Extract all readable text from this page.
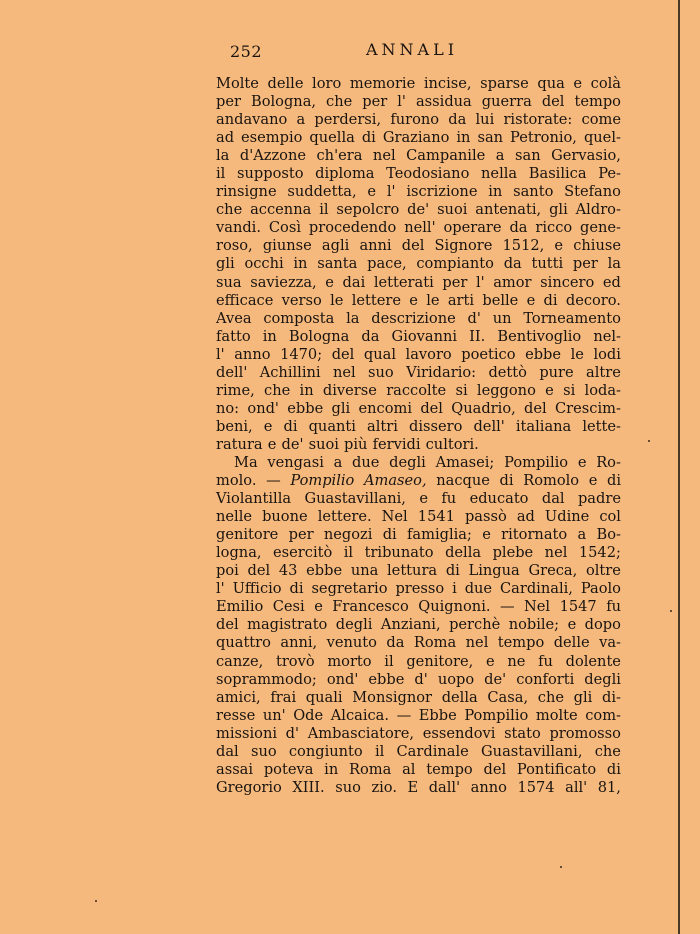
252	ANNALI
Molte delle loro memorie incise, sparse qua e colà
per Bologna, che per l' assidua guerra del tempo
andavano a perdersi, furono da lui ristorate: come
ad esempio quella di Graziano in san Petronio, quel-
la d'Azzone ch'era nel Campanile a san Gervasio,
il supposto diploma Teodosiano nella Basilica Pe-
rinsigne suddetta, e l' iscrizione in santo Stefano
che accenna il sepolcro de' suoi antenati, gli Aldro-
vandi. Così procedendo nell' operare da ricco gene-
roso, giunse agli anni del Signore 1512, e chiuse
gli occhi in santa pace, compianto da tutti per la
sua saviezza, e dai letterati per l' amor sincero ed
efficace verso le lettere e le arti belle e di decoro.
Avea composta la descrizione d' un Torneamento
fatto in Bologna da Giovanni II. Bentivoglio nel-
l' anno 1470; del qual lavoro poetico ebbe le lodi
dell' Achillini nel suo Viridario: dettò pure altre
rime, che in diverse raccolte si leggono e si loda-
no: ond' ebbe gli encomi del Quadrio, del Crescim-
beni, e di quanti altri dissero dell' italiana lette-
ratura e de' suoi più fervidi cultori.
Ma vengasi a due degli Amasei; Pompilio e Ro-
molo. — Pompilio Amaseo, nacque di Romolo e di
Violantilla Guastavillani, e fu educato dal padre
nelle buone lettere. Nel 1541 passò ad Udine col
genitore per negozi di famiglia; e ritornato a Bo-
logna, esercitò il tribunato della plebe nel 1542;
poi del 43 ebbe una lettura di Lingua Greca, oltre
l' Ufficio di segretario presso i due Cardinali, Paolo
Emilio Cesi e Francesco Quignoni. — Nel 1547 fu
del magistrato degli Anziani, perchè nobile; e dopo
quattro anni, venuto da Roma nel tempo delle va-
canze, trovò morto il genitore, e ne fu dolente
soprammodo; ond' ebbe d' uopo de' conforti degli
amici, frai quali Monsignor della Casa, che gli di-
resse un' Ode Alcaica. — Ebbe Pompilio molte com-
missioni d' Ambasciatore, essendovi stato promosso
dal suo congiunto il Cardinale Guastavillani, che
assai poteva in Roma al tempo del Pontificato di
Gregorio XIII. suo zio. E dall' anno 1574 all' 81,
